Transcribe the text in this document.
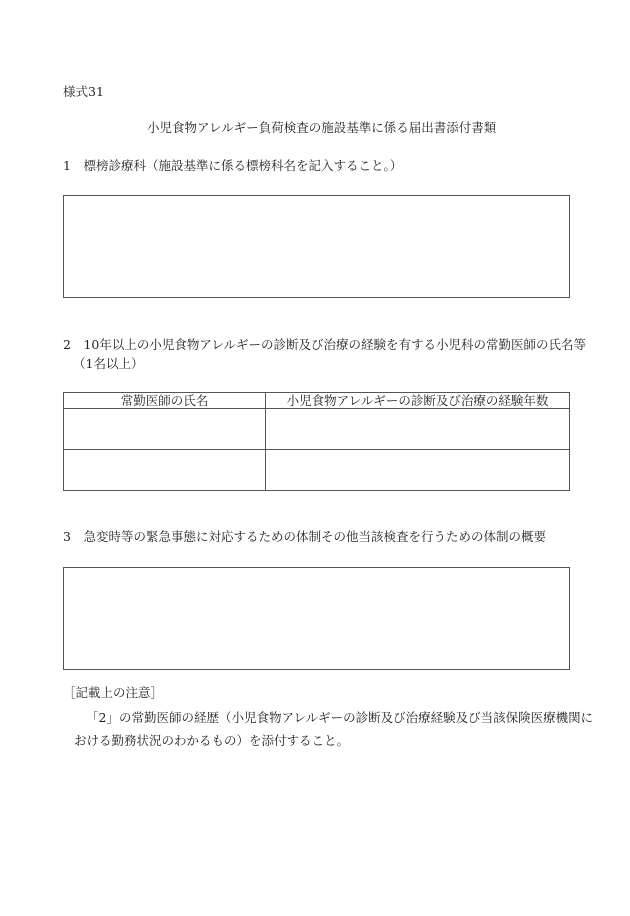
様式31
小児食物アレルギー負荷検査の施設基準に係る届出書添付書類
1　標榜診療科（施設基準に係る標榜科名を記入すること。）
2　10年以上の小児食物アレルギーの診断及び治療の経験を有する小児科の常勤医師の氏名等
（1名以上）
常勤医師の氏名	小児食物アレルギーの診断及び治療の経験年数

3　急変時等の緊急事態に対応するための体制その他当該検査を行うための体制の概要
［記載上の注意］
「2」の常勤医師の経歴（小児食物アレルギーの診断及び治療経験及び当該保険医療機関に
おける勤務状況のわかるもの）を添付すること。
